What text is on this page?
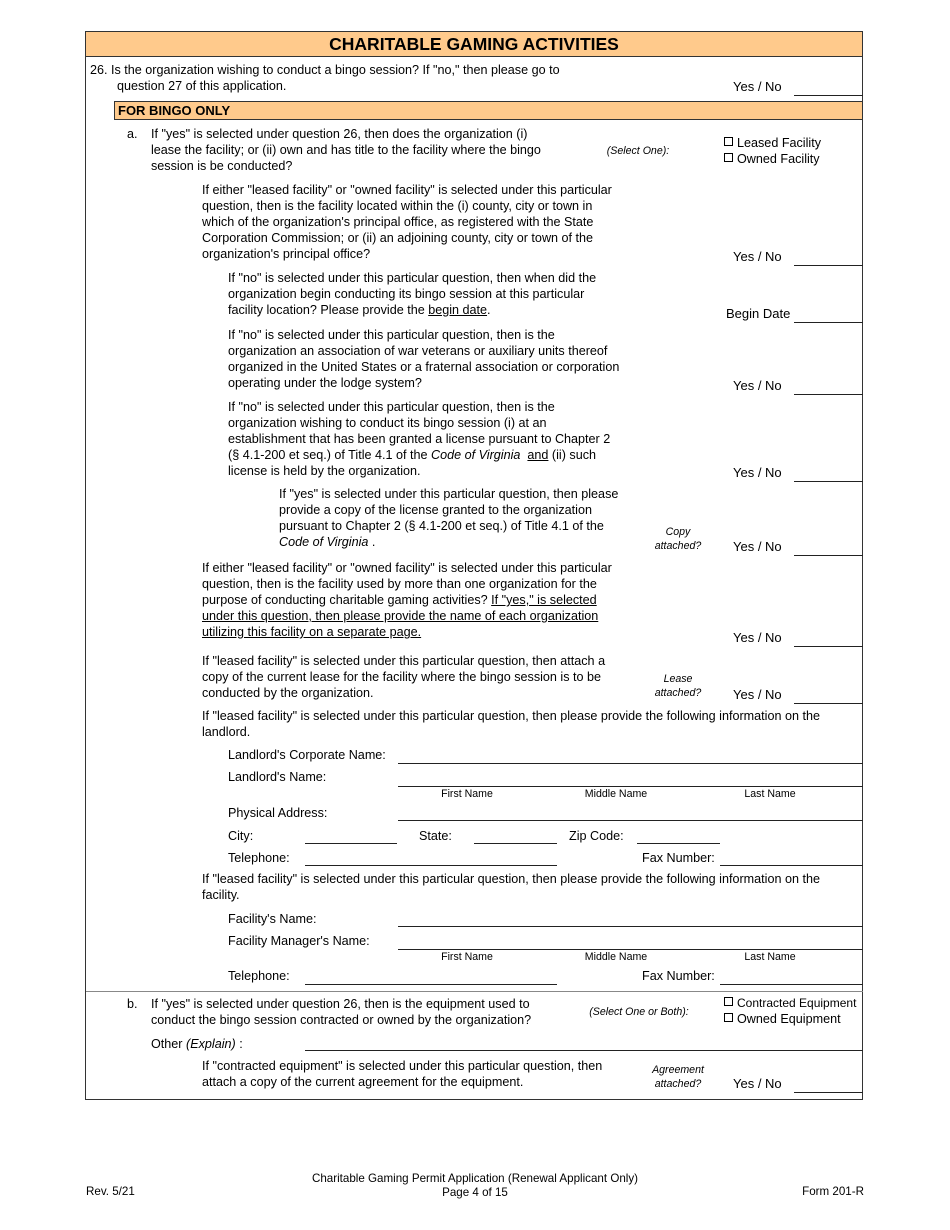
CHARITABLE GAMING ACTIVITIES
26. Is the organization wishing to conduct a bingo session? If "no," then please go to
question 27 of this application.	Yes / No
FOR BINGO ONLY
a. If "yes" is selected under question 26, then does the organization (i)
lease the facility; or (ii) own and has title to the facility where the bingo
session is be conducted?
(Select One):
Leased Facility
Owned Facility
If either "leased facility" or "owned facility" is selected under this particular
question, then is the facility located within the (i) county, city or town in
which of the organization's principal office, as registered with the State
Corporation Commission; or (ii) an adjoining county, city or town of the
organization's principal office?	Yes / No
If "no" is selected under this particular question, then when did the
organization begin conducting its bingo session at this particular
facility location? Please provide the begin date.	Begin Date
If "no" is selected under this particular question, then is the
organization an association of war veterans or auxiliary units thereof
organized in the United States or a fraternal association or corporation
operating under the lodge system?	Yes / No
If "no" is selected under this particular question, then is the
organization wishing to conduct its bingo session (i) at an
establishment that has been granted a license pursuant to Chapter 2
(§ 4.1-200 et seq.) of Title 4.1 of the Code of Virginia and (ii) such
license is held by the organization.	Yes / No
If "yes" is selected under this particular question, then please
provide a copy of the license granted to the organization
pursuant to Chapter 2 (§ 4.1-200 et seq.) of Title 4.1 of the
Code of Virginia .
Copy
attached?	Yes / No
If either "leased facility" or "owned facility" is selected under this particular
question, then is the facility used by more than one organization for the
purpose of conducting charitable gaming activities? If "yes," is selected
under this question, then please provide the name of each organization
utilizing this facility on a separate page.	Yes / No
If "leased facility" is selected under this particular question, then attach a
copy of the current lease for the facility where the bingo session is to be
conducted by the organization.
Lease
attached?	Yes / No
If "leased facility" is selected under this particular question, then please provide the following information on the
landlord.
Landlord's Corporate Name:
Landlord's Name:
First Name	Middle Name	Last Name
Physical Address:
City:	State:	Zip Code:
Telephone:	Fax Number:
If "leased facility" is selected under this particular question, then please provide the following information on the
facility.
Facility's Name:
Facility Manager's Name:
First Name	Middle Name	Last Name
Telephone:	Fax Number:
b. If "yes" is selected under question 26, then is the equipment used to
conduct the bingo session contracted or owned by the organization?
(Select One or Both):
Contracted Equipment
Owned Equipment
Other (Explain) :
If "contracted equipment" is selected under this particular question, then
attach a copy of the current agreement for the equipment.
Agreement
attached?	Yes / No
Rev. 5/21
Charitable Gaming Permit Application (Renewal Applicant Only)
Page 4 of 15	Form 201-R
